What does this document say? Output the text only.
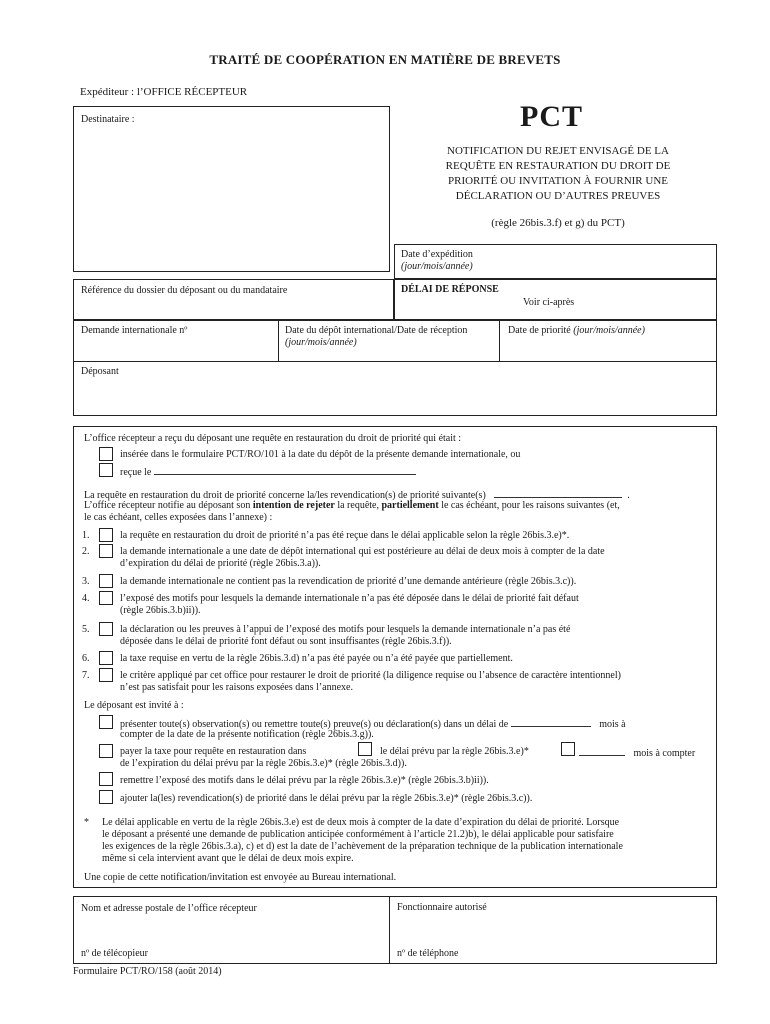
TRAITÉ DE COOPÉRATION EN MATIÈRE DE BREVETS
Expéditeur : l’OFFICE RÉCEPTEUR
Destinataire :	PCT
NOTIFICATION DU REJET ENVISAGÉ DE LA
REQUÊTE EN RESTAURATION DU DROIT DE
PRIORITÉ OU INVITATION À FOURNIR UNE
DÉCLARATION OU D’AUTRES PREUVES
(règle 26bis.3.f) et g) du PCT)
Date d’expédition
(jour/mois/année)
Référence du dossier du déposant ou du mandataire	DÉLAI DE RÉPONSE
Voir ci-après
Demande internationale nº	Date du dépôt international/Date de réception
(jour/mois/année)
Date de priorité (jour/mois/année)
Déposant
L’office récepteur a reçu du déposant une requête en restauration du droit de priorité qui était :
insérée dans le formulaire PCT/RO/101 à la date du dépôt de la présente demande internationale, ou
reçue le
La requête en restauration du droit de priorité concerne la/les revendication(s) de priorité suivante(s)	.
L’office récepteur notifie au déposant son intention de rejeter la requête, partiellement le cas échéant, pour les raisons suivantes (et,
le cas échéant, celles exposées dans l’annexe) :
1.	la requête en restauration du droit de priorité n’a pas été reçue dans le délai applicable selon la règle 26bis.3.e)*.
2.	la demande internationale a une date de dépôt international qui est postérieure au délai de deux mois à compter de la date
d’expiration du délai de priorité (règle 26bis.3.a)).
3.	la demande internationale ne contient pas la revendication de priorité d’une demande antérieure (règle 26bis.3.c)).
4.	l’exposé des motifs pour lesquels la demande internationale n’a pas été déposée dans le délai de priorité fait défaut
(règle 26bis.3.b)ii)).
5.	la déclaration ou les preuves à l’appui de l’exposé des motifs pour lesquels la demande internationale n’a pas été
déposée dans le délai de priorité font défaut ou sont insuffisantes (règle 26bis.3.f)).
6.	la taxe requise en vertu de la règle 26bis.3.d) n’a pas été payée ou n’a été payée que partiellement.
7.	le critère appliqué par cet office pour restaurer le droit de priorité (la diligence requise ou l’absence de caractère intentionnel)
n’est pas satisfait pour les raisons exposées dans l’annexe.
Le déposant est invité à :
présenter toute(s) observation(s) ou remettre toute(s) preuve(s) ou déclaration(s) dans un délai de	mois à
compter de la date de la présente notification (règle 26bis.3.g)).
payer la taxe pour requête en restauration dans	le délai prévu par la règle 26bis.3.e)*	mois à compter
de l’expiration du délai prévu par la règle 26bis.3.e)* (règle 26bis.3.d)).
remettre l’exposé des motifs dans le délai prévu par la règle 26bis.3.e)* (règle 26bis.3.b)ii)).
ajouter la(les) revendication(s) de priorité dans le délai prévu par la règle 26bis.3.e)* (règle 26bis.3.c)).
* Le délai applicable en vertu de la règle 26bis.3.e) est de deux mois à compter de la date d’expiration du délai de priorité. Lorsque
le déposant a présenté une demande de publication anticipée conformément à l’article 21.2)b), le délai applicable pour satisfaire
les exigences de la règle 26bis.3.a), c) et d) est la date de l’achèvement de la préparation technique de la publication internationale
même si cela intervient avant que le délai de deux mois expire.
Une copie de cette notification/invitation est envoyée au Bureau international.
Nom et adresse postale de l’office récepteur
nº de télécopieur
Fonctionnaire autorisé
nº de téléphone
Formulaire PCT/RO/158 (août 2014)
